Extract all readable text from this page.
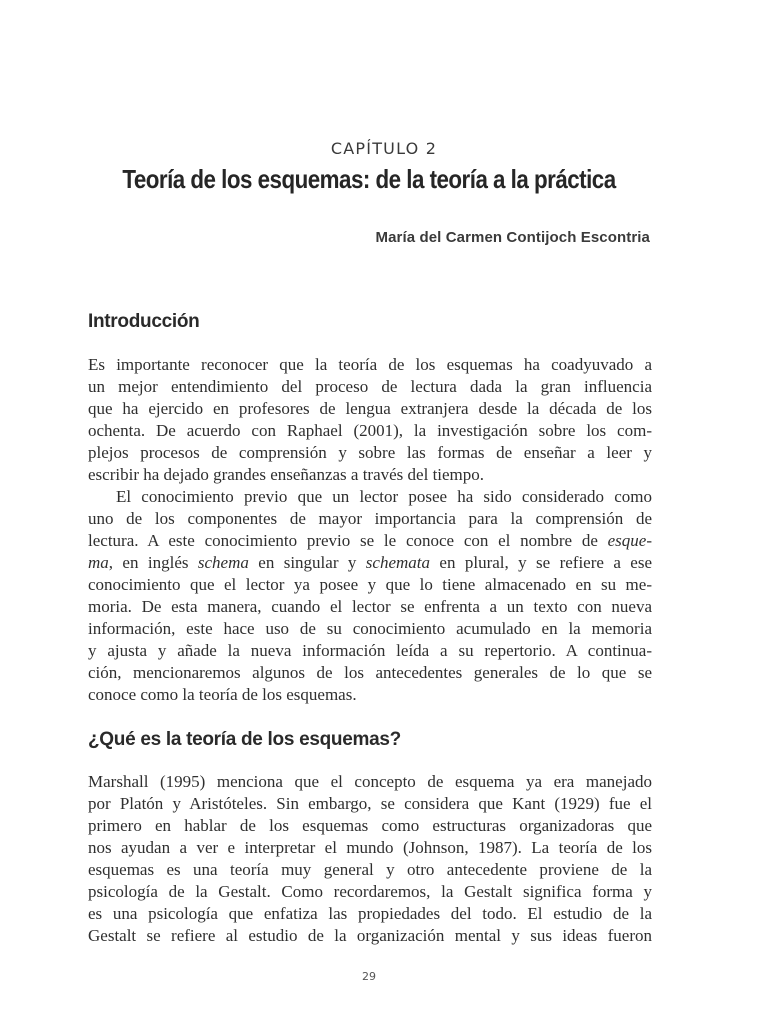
CAPÍTULO 2
Teoría de los esquemas: de la teoría a la práctica
María del Carmen Contijoch Escontria
Introducción
Es importante reconocer que la teoría de los esquemas ha coadyuvado a
un mejor entendimiento del proceso de lectura dada la gran influencia
que ha ejercido en profesores de lengua extranjera desde la década de los
ochenta. De acuerdo con Raphael (2001), la investigación sobre los com-
plejos procesos de comprensión y sobre las formas de enseñar a leer y
escribir ha dejado grandes enseñanzas a través del tiempo.
El conocimiento previo que un lector posee ha sido considerado como
uno de los componentes de mayor importancia para la comprensión de
lectura. A este conocimiento previo se le conoce con el nombre de esque-
ma, en inglés schema en singular y schemata en plural, y se refiere a ese
conocimiento que el lector ya posee y que lo tiene almacenado en su me-
moria. De esta manera, cuando el lector se enfrenta a un texto con nueva
información, este hace uso de su conocimiento acumulado en la memoria
y ajusta y añade la nueva información leída a su repertorio. A continua-
ción, mencionaremos algunos de los antecedentes generales de lo que se
conoce como la teoría de los esquemas.
¿Qué es la teoría de los esquemas?
Marshall (1995) menciona que el concepto de esquema ya era manejado
por Platón y Aristóteles. Sin embargo, se considera que Kant (1929) fue el
primero en hablar de los esquemas como estructuras organizadoras que
nos ayudan a ver e interpretar el mundo (Johnson, 1987). La teoría de los
esquemas es una teoría muy general y otro antecedente proviene de la
psicología de la Gestalt. Como recordaremos, la Gestalt significa forma y
es una psicología que enfatiza las propiedades del todo. El estudio de la
Gestalt se refiere al estudio de la organización mental y sus ideas fueron
29
